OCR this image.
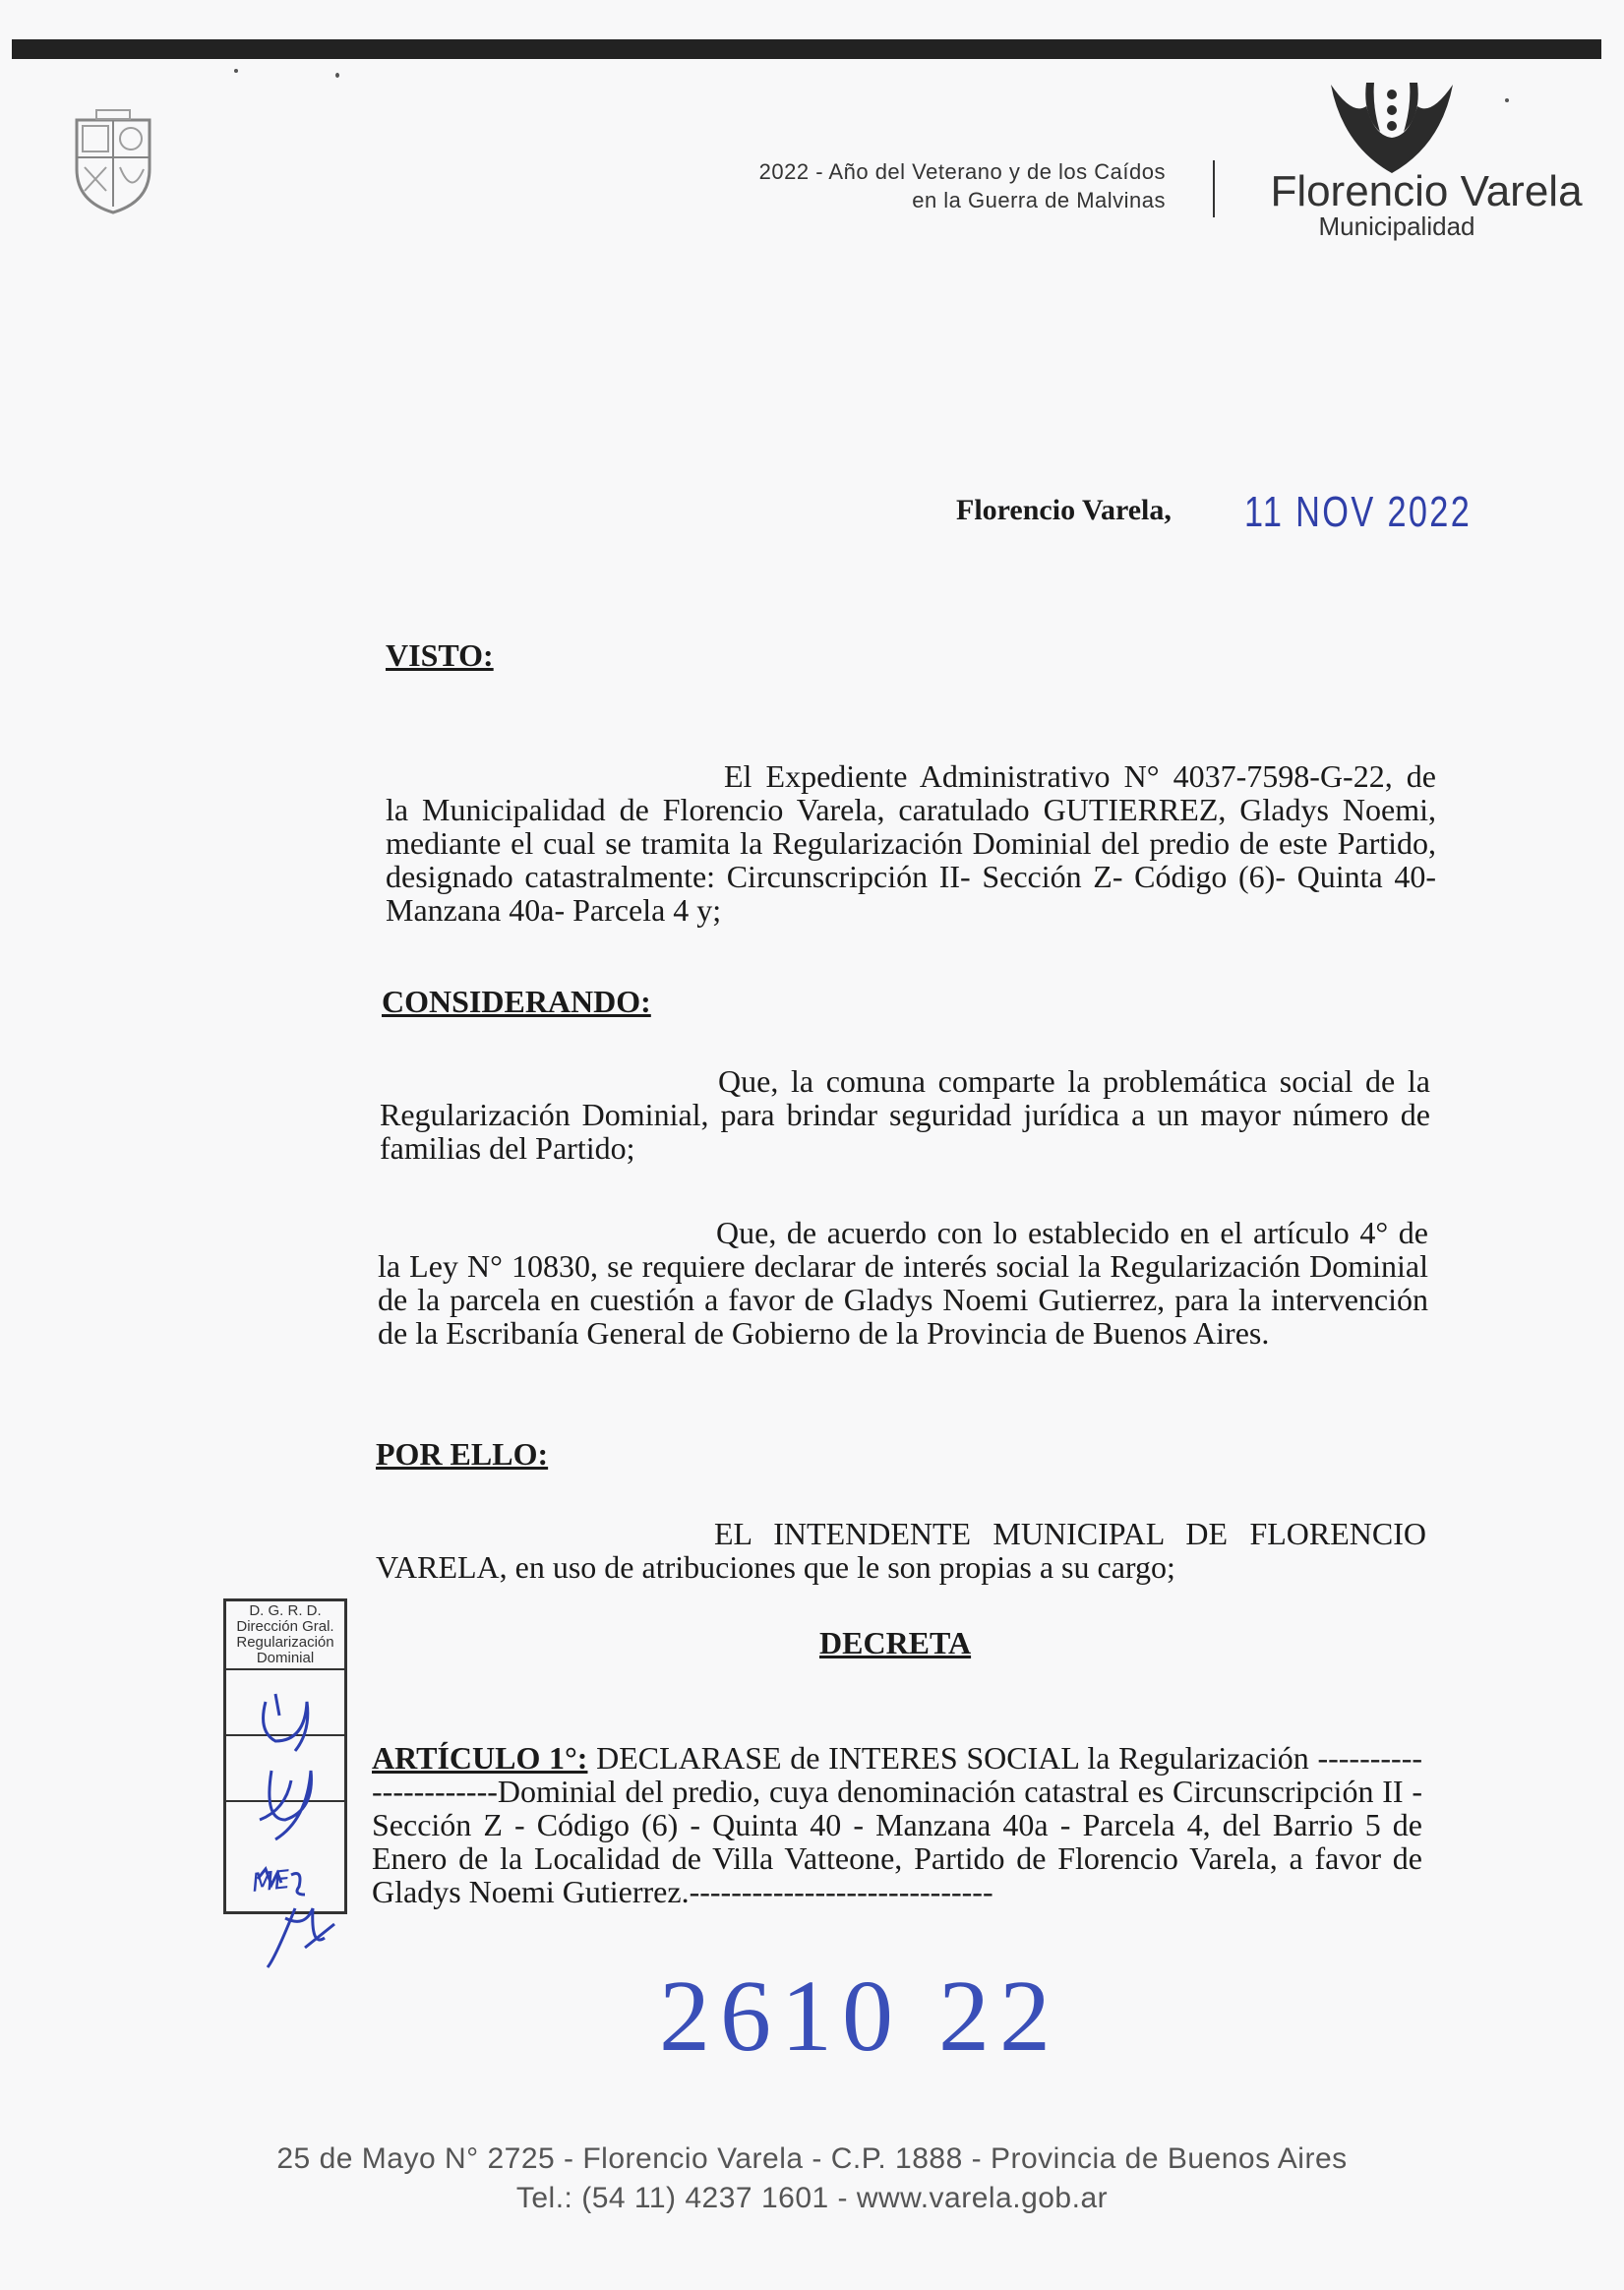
2022 - Año del Veterano y de los Caídos
en la Guerra de Malvinas	Florencio Varela
Municipalidad
Florencio Varela, 11 NOV 2022
VISTO:

El Expediente Administrativo N° 4037-7598-G-22, de la Municipalidad de Florencio Varela, caratulado GUTIERREZ, Gladys Noemi, mediante el cual se tramita la Regularización Dominial del predio de este Partido, designado catastralmente: Circunscripción II- Sección Z- Código (6)- Quinta 40- Manzana 40a- Parcela 4 y;

CONSIDERANDO:

Que, la comuna comparte la problemática social de la Regularización Dominial, para brindar seguridad jurídica a un mayor número de familias del Partido;

Que, de acuerdo con lo establecido en el artículo 4° de la Ley N° 10830, se requiere declarar de interés social la Regularización Dominial de la parcela en cuestión a favor de Gladys Noemi Gutierrez, para la intervención de la Escribanía General de Gobierno de la Provincia de Buenos Aires.

POR ELLO:

EL INTENDENTE MUNICIPAL DE FLORENCIO VARELA, en uso de atribuciones que le son propias a su cargo;

DECRETA

ARTÍCULO 1°: DECLARASE de INTERES SOCIAL la Regularización ----------------------Dominial del predio, cuya denominación catastral es Circunscripción II - Sección Z - Código (6) - Quinta 40 - Manzana 40a - Parcela 4, del Barrio 5 de Enero de la Localidad de Villa Vatteone, Partido de Florencio Varela, a favor de Gladys Noemi Gutierrez.-----------------------------

D. G. R. D.
Dirección Gral.
Regularización
Dominial
ME
2610 22
25 de Mayo N° 2725 - Florencio Varela - C.P. 1888 - Provincia de Buenos Aires
Tel.: (54 11) 4237 1601 - www.varela.gob.ar
